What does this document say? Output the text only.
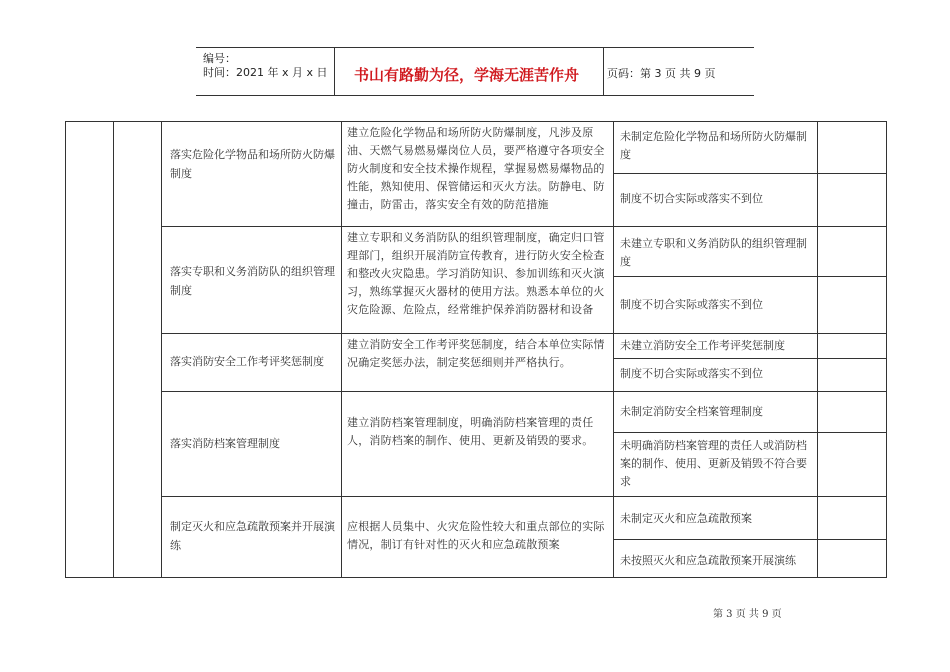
编号：
时间：2021 年 x 月 x 日 书山有路勤为径，学海无涯苦作舟	页码：第 3 页 共 9 页
落实危险化学物品和场所防火防爆制度
建立危险化学物品和场所防火防爆制度，凡涉及原油、天燃气易燃易爆岗位人员，要严格遵守各项安全防火制度和安全技术操作规程，掌握易燃易爆物品的性能，熟知使用、保管储运和灭火方法。防静电、防撞击，防雷击，落实安全有效的防范措施
未制定危险化学物品和场所防火防爆制度
制度不切合实际或落实不到位
落实专职和义务消防队的组织管理制度
建立专职和义务消防队的组织管理制度，确定归口管理部门，组织开展消防宣传教育，进行防火安全检查和整改火灾隐患。学习消防知识、参加训练和灭火演习，熟练掌握灭火器材的使用方法。熟悉本单位的火灾危险源、危险点，经常维护保养消防器材和设备
未建立专职和义务消防队的组织管理制度
制度不切合实际或落实不到位
落实消防安全工作考评奖惩制度
建立消防安全工作考评奖惩制度，结合本单位实际情况确定奖惩办法，制定奖惩细则并严格执行。
未建立消防安全工作考评奖惩制度
制度不切合实际或落实不到位
落实消防档案管理制度
建立消防档案管理制度，明确消防档案管理的责任人，消防档案的制作、使用、更新及销毁的要求。
未制定消防安全档案管理制度
未明确消防档案管理的责任人或消防档案的制作、使用、更新及销毁不符合要求
制定灭火和应急疏散预案并开展演练
应根据人员集中、火灾危险性较大和重点部位的实际情况，制订有针对性的灭火和应急疏散预案
未制定灭火和应急疏散预案
未按照灭火和应急疏散预案开展演练
第 3 页 共 9 页
